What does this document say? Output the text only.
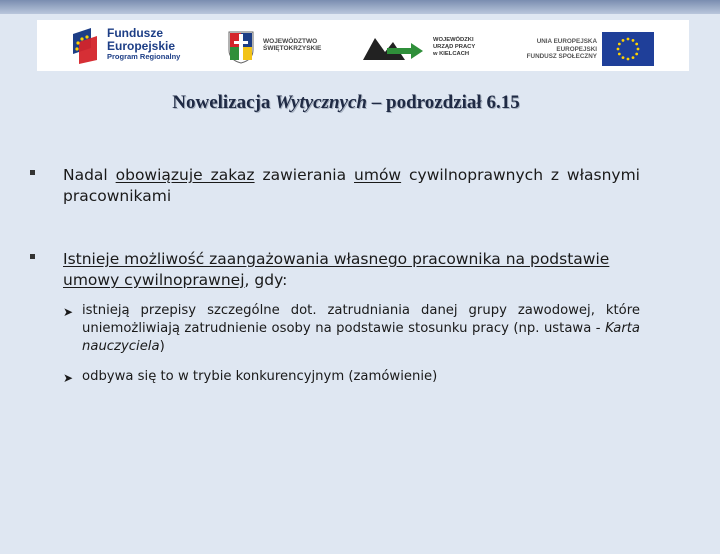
Fundusze
Europejskie
Program Regionalny
WOJEWÓDZTWO
ŚWIĘTOKRZYSKIE
WOJEWÓDZKI
URZĄD PRACY
w KIELCACH
UNIA EUROPEJSKA
EUROPEJSKI
FUNDUSZ SPOŁECZNY
Nowelizacja Wytycznych – podrozdział 6.15
Nadal obowiązuje zakaz zawierania umów cywilnoprawnych z własnymi pracownikami
Istnieje możliwość zaangażowania własnego pracownika na podstawie umowy cywilnoprawnej, gdy:
➤ istnieją przepisy szczególne dot. zatrudniania danej grupy zawodowej, które uniemożliwiają zatrudnienie osoby na podstawie stosunku pracy (np. ustawa - Karta nauczyciela)
➤ odbywa się to w trybie konkurencyjnym (zamówienie)
